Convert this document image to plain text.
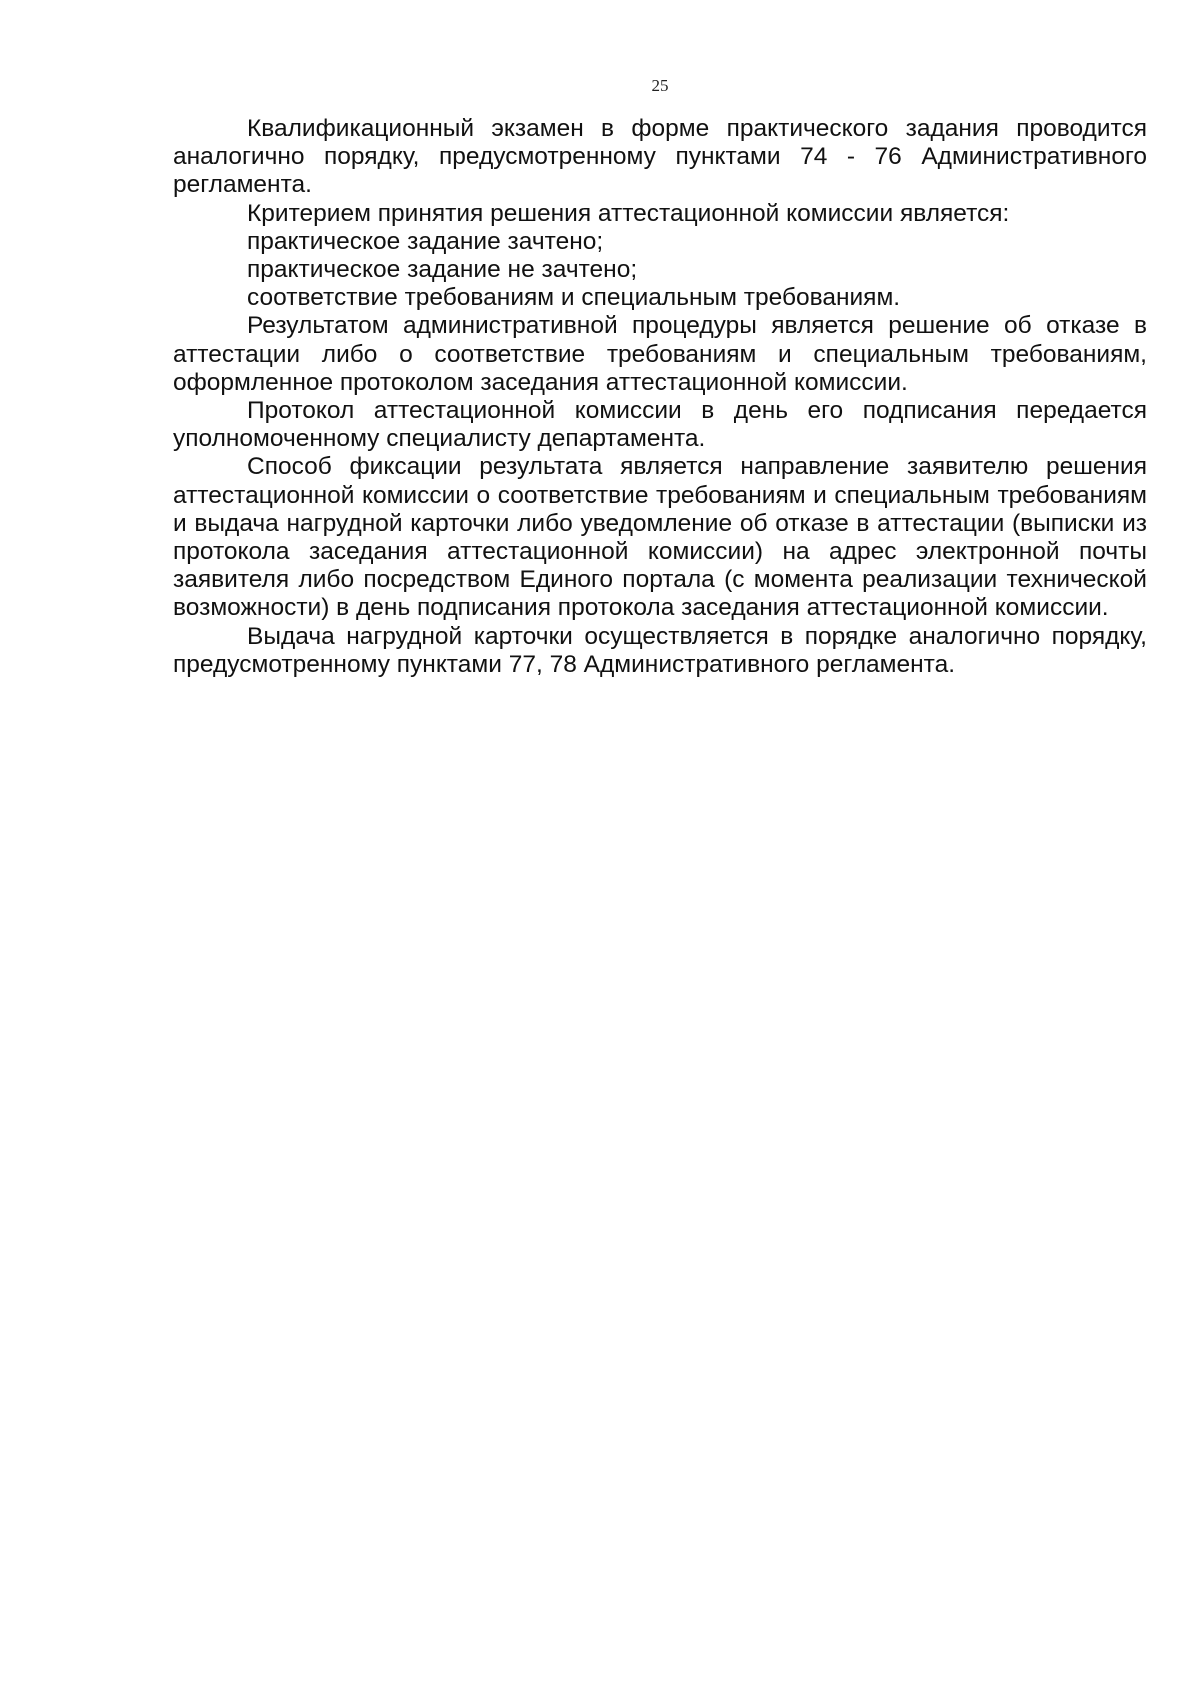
25

Квалификационный экзамен в форме практического задания проводится аналогично порядку, предусмотренному пунктами 74 - 76 Административного регламента.

Критерием принятия решения аттестационной комиссии является:

практическое задание зачтено;

практическое задание не зачтено;

соответствие требованиям и специальным требованиям.

Результатом административной процедуры является решение об отказе в аттестации либо о соответствие требованиям и специальным требованиям, оформленное протоколом заседания аттестационной комиссии.

Протокол аттестационной комиссии в день его подписания передается уполномоченному специалисту департамента.

Способ фиксации результата является направление заявителю решения аттестационной комиссии о соответствие требованиям и специальным требованиям и выдача нагрудной карточки либо уведомление об отказе в аттестации (выписки из протокола заседания аттестационной комиссии) на адрес электронной почты заявителя либо посредством Единого портала (с момента реализации технической возможности) в день подписания протокола заседания аттестационной комиссии.

Выдача нагрудной карточки осуществляется в порядке аналогично порядку, предусмотренному пунктами 77, 78 Административного регламента.
